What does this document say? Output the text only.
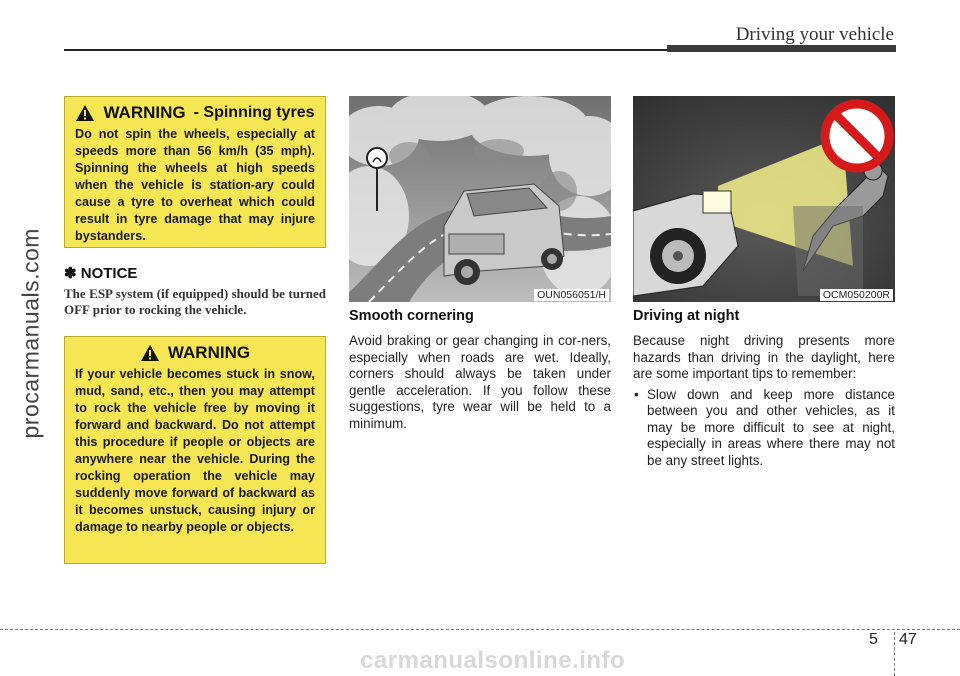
Driving your vehicle
procarmanuals.com
WARNING - Spinning tyres
Do not spin the wheels, especially at speeds more than 56 km/h (35 mph). Spinning the wheels at high speeds when the vehicle is station-ary could cause a tyre to overheat which could result in tyre damage that may injure bystanders.
✽ NOTICE
The ESP system (if equipped) should be turned OFF prior to rocking the vehicle.
WARNING
If your vehicle becomes stuck in snow, mud, sand, etc., then you may attempt to rock the vehicle free by moving it forward and backward. Do not attempt this procedure if people or objects are anywhere near the vehicle. During the rocking operation the vehicle may suddenly move forward of backward as it becomes unstuck, causing injury or damage to nearby people or objects.
OUN056051/H	OCM050200R
Smooth cornering
Avoid braking or gear changing in cor-ners, especially when roads are wet. Ideally, corners should always be taken under gentle acceleration. If you follow these suggestions, tyre wear will be held to a minimum.
Driving at night
Because night driving presents more hazards than driving in the daylight, here are some important tips to remember:
• Slow down and keep more distance between you and other vehicles, as it may be more difficult to see at night, especially in areas where there may not be any street lights.
5 47
carmanualsonline.info
